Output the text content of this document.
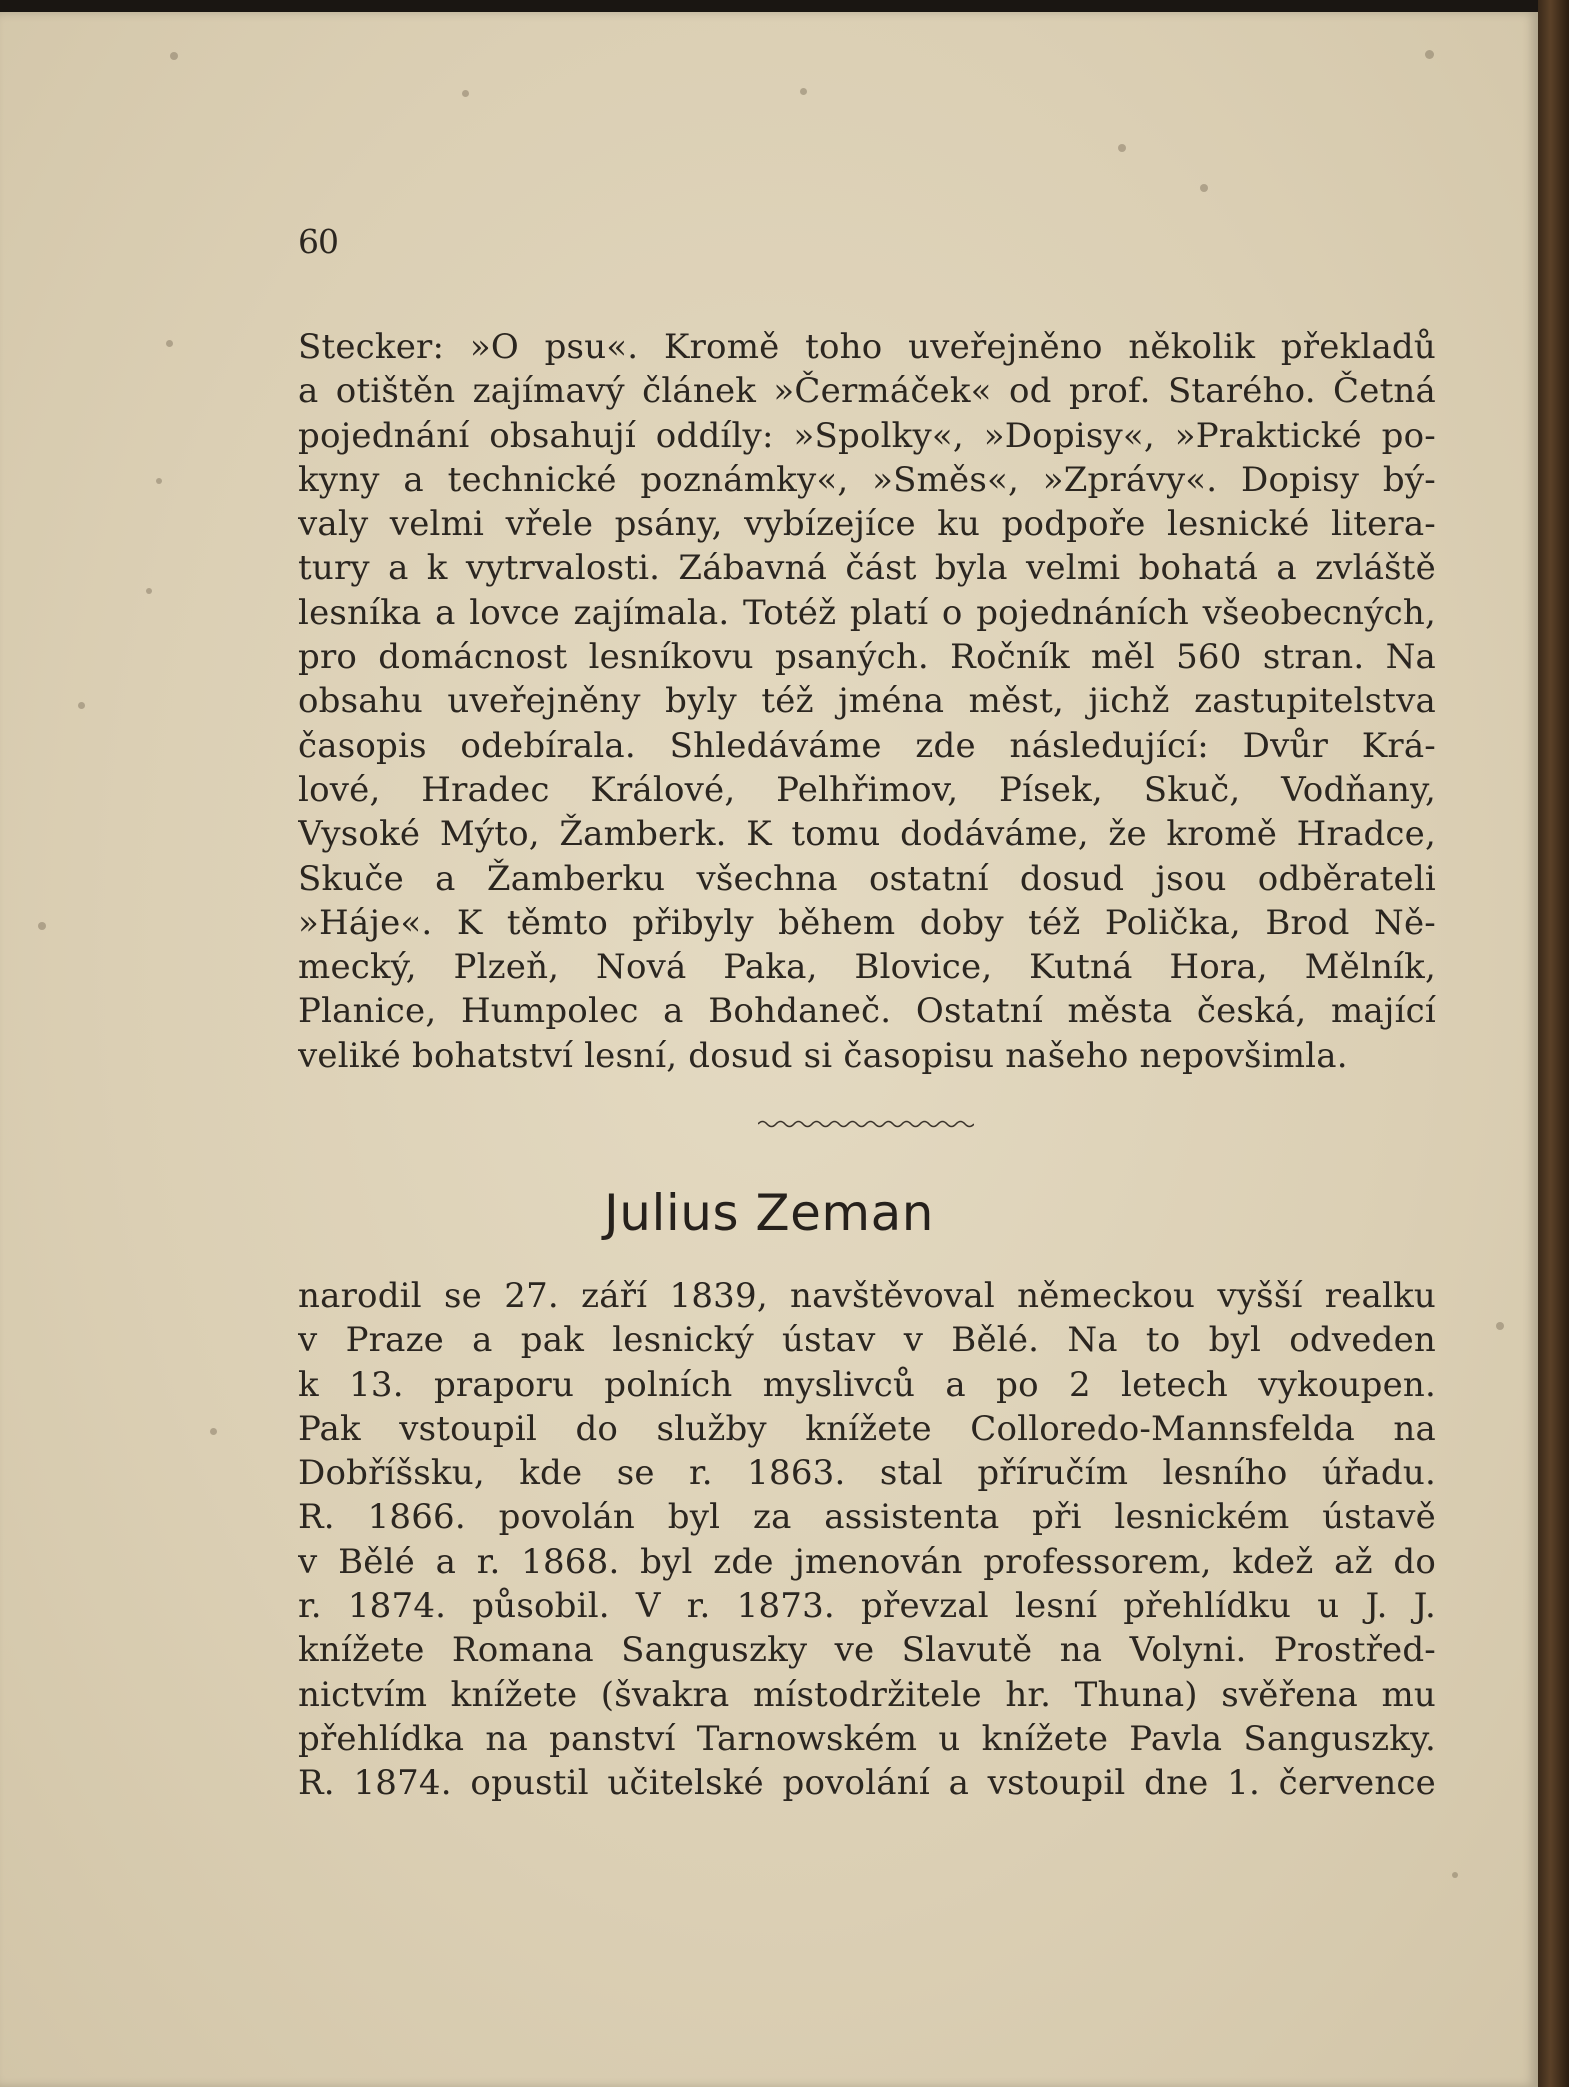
60
Stecker: »O psu«. Kromě toho uveřejněno několik překladů
a otištěn zajímavý článek »Čermáček« od prof. Starého. Četná
pojednání obsahují oddíly: »Spolky«, »Dopisy«, »Praktické po-
kyny a technické poznámky«, »Směs«, »Zprávy«. Dopisy bý-
valy velmi vřele psány, vybízejíce ku podpoře lesnické litera-
tury a k vytrvalosti. Zábavná část byla velmi bohatá a zvláště
lesníka a lovce zajímala. Totéž platí o pojednáních všeobecných,
pro domácnost lesníkovu psaných. Ročník měl 560 stran. Na
obsahu uveřejněny byly též jména měst, jichž zastupitelstva
časopis odebírala. Shledáváme zde následující: Dvůr Krá-
lové, Hradec Králové, Pelhřimov, Písek, Skuč, Vodňany,
Vysoké Mýto, Žamberk. K tomu dodáváme, že kromě Hradce,
Skuče a Žamberku všechna ostatní dosud jsou odběrateli
»Háje«. K těmto přibyly během doby též Polička, Brod Ně-
mecký, Plzeň, Nová Paka, Blovice, Kutná Hora, Mělník,
Planice, Humpolec a Bohdaneč. Ostatní města česká, mající
veliké bohatství lesní, dosud si časopisu našeho nepovšimla.
Julius Zeman
narodil se 27. září 1839, navštěvoval německou vyšší realku
v Praze a pak lesnický ústav v Bělé. Na to byl odveden
k 13. praporu polních myslivců a po 2 letech vykoupen.
Pak vstoupil do služby knížete Colloredo-Mannsfelda na
Dobříšsku, kde se r. 1863. stal příručím lesního úřadu.
R. 1866. povolán byl za assistenta při lesnickém ústavě
v Bělé a r. 1868. byl zde jmenován professorem, kdež až do
r. 1874. působil. V r. 1873. převzal lesní přehlídku u J. J.
knížete Romana Sanguszky ve Slavutě na Volyni. Prostřed-
nictvím knížete (švakra místodržitele hr. Thuna) svěřena mu
přehlídka na panství Tarnowském u knížete Pavla Sanguszky.
R. 1874. opustil učitelské povolání a vstoupil dne 1. července
